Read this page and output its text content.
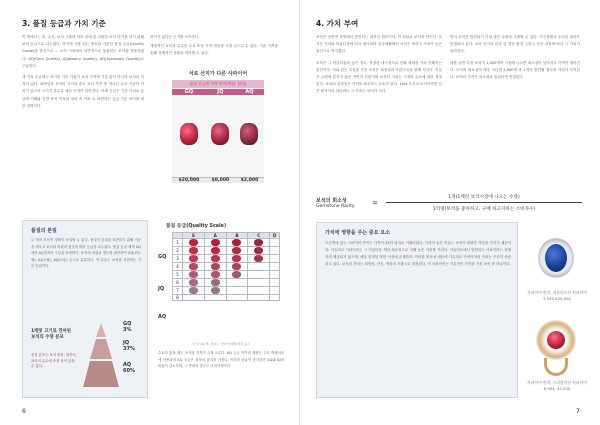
3. 품질 등급과 가치 기준

이 책에서는 좀, 수저, 보석 그룹에 따라 판매 및 다양한 보석 단가를 알기 위해 보석 등급으로 나누었다. 여기에 사용 되는 중요한 기준인 품질 등급(Quality Grade)을 중심으로 ... 보석 시장에서 일반적으로 통용되는 보석을 적용하였다. GQ(Gem Quality), JQ(Jewelry Quality), AQ(Accessory Quality)로 구분한다.

재 가치 등급에는 표시된 기준 가치가 보석 가격에 기준 값이 아니라 보석의 가격이 있다. 희귀성과 보석의 크기의 중요 보석 가격 중 하나인 수치 기준이 가치가 있으며 크기가 클수록 세부 가격이 달라진다. 아래 등급은 기준 가치로 등급에 이해와 일반 보석 이상의 정의 속 가치 로 표현하는 등급 기준 차이에 대한 설명이다.

차이가 없다는 근거를 보여준다.

계절적인 요인과 특수한 수요 또한 가격 변동을 크게 일으킬 수 있다. 기준 가격을 통해 전체적인 상황을 파악할 수 있다.

서로 산지가 다른 사파이어
품질 등급별 가격 차이(단위: 달러)
GQ	JQ	AQ

$20,000	$8,000	$2,000
품질의 본질
두 개의 보석이 정확히 동일할 수 없다. 품질의 본질을 표현하기 위해 기준을 세우고 보석의 외관과 품질에 따라 등급을 나누었다. 품질 등급 체계 GQ에서 AQ까지의 구분을 표현한다. 보석의 외관과 명도를 판단하여 GQ(최우량), JQ(우량), AQ(보통) 등으로 분류한다. 이 분류는 보석을 표현하는 기본 단위이다.
1캐럿 크기로 연마된 보석의 수량 분포
품질 분포는 보석 종류, 원산지, 처리의 유무에 종종 차이 있을 수 있다.
GQ
3%
JQ
37%
AQ
60%
품질 등급(Quality Scale)
GQ
JQ
AQ
	S	A	B	C	D
1					
2					
3					
4					
5					
6					
7					
8					
각 보석의 색, 투명도, 연마 상태에 따라 표시
수요가 많을 때는 보석의 가격이 크게 오른다. AQ 등급 이하의 제품은 주로 액세서리에 사용되며 GQ 등급은 최상의 품질을 가진다. 이러한 비율이 증가하면 GQ와 JQ의 비율이 감소하며, 그 반대의 경우도 마찬가지이다.
6
4. 가치 부여

보석은 일반적 자연에서 발견되는 희귀한 원료이다. 이 원료로 보석을 만든다. 보석은 가치와 아름다움에 따라 평가되며 일상생활에서 보석은 귀하고 가치가 높은 물건으로 여겨졌다.

보석은 그 아름다움과 높은 경도, 적절한 내구성으로 인해 세대를 거쳐 전해지는 물건이다. 이와 같은 특성을 가진 보석은 희귀성과 아름다움을 함께 지닌다. 이들은 주변에 흔하지 않은 자연의 산물이며 보석의 가치는 시장의 수요에 따라 결정된다. 보석의 희귀성은 가격을 좌우하는 요소가 된다. 10ct 크기의 보석이라면 같은 원석이라 하더라도 그 가치는 차이가 크다.

방식 수익은 발견되기 가장 많은 수량을 추출할 수 있다. 지구상에서 우수한 광산은 한정되어 있다. 보석 산지의 특성 및 생산 환경 그리고 가공 과정에 따라 그 가치가 달라진다.

예를 들면 특정 보석이 1,000개씩 시장에 나오면 희소성이 낮아지고 가격이 떨어진다. 보석의 희소성이 매우 크다면 1,000개 중 1개가 발견될 정도의 가치가 부여된다. 보석의 가격은 희소성과 밀접하게 연결된다.

보석의 희소성
Gemstone Rarity =
1개(1캐럿 보석시장에 나오는 수량)
1억명(보석을 좋아하고, 구매 하고자하는 소비자수)
가치에 영향을 주는 중요 요소
오른쪽에 있는 사파이어 반지는 가격이 25만 달러로 거래되었다. 가격이 높은 이유는 보석이 희귀한 색상을 가지기 때문이다. 카슈미르 사파이어는 그 아름다운 색과 희소성으로 인해 높은 가치를 가진다. 카슈미르에서 발견되는 사파이어는 현재 거의 채굴되지 않으며, 매우 한정된 양만 시장에 존재한다. 이러한 희소성 때문에 카슈미르 사파이어의 가치는 꾸준히 상승하고 있다. 보석의 가치는 희귀성, 산지, 색상의 조합으로 결정된다. 이 사파이어는 기록적인 가격을 가진 보석 중 하나이다.
사파이어 반지, 카슈미르산 사파이어
2,540,520,000
사파이어 반지, 스리랑카산 사파이어
8,994, 52,500
7
